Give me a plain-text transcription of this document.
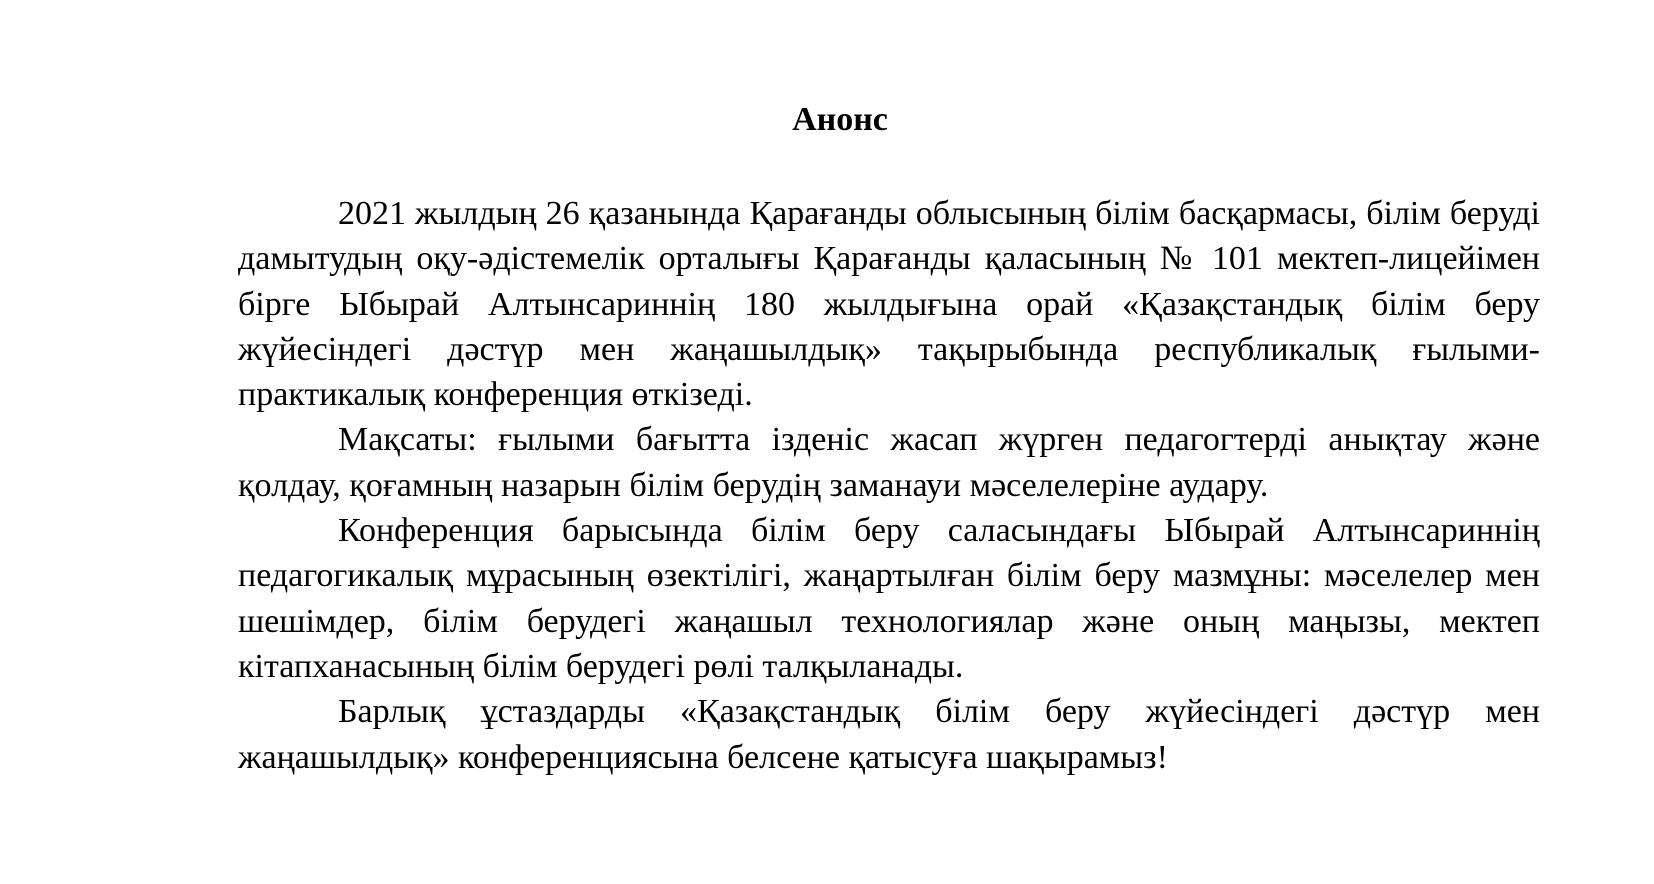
Анонс

2021 жылдың 26 қазанында Қарағанды облысының білім басқармасы, білім беруді дамытудың оқу-әдістемелік орталығы Қарағанды қаласының № 101 мектеп-лицейімен бірге Ыбырай Алтынсариннің 180 жылдығына орай «Қазақстандық білім беру жүйесіндегі дәстүр мен жаңашылдық» тақырыбында республикалық ғылыми-практикалық конференция өткізеді.

Мақсаты: ғылыми бағытта ізденіс жасап жүрген педагогтерді анықтау және қолдау, қоғамның назарын білім берудің заманауи мәселелеріне аудару.

Конференция барысында білім беру саласындағы Ыбырай Алтынсариннің педагогикалық мұрасының өзектілігі, жаңартылған білім беру мазмұны: мәселелер мен шешімдер, білім берудегі жаңашыл технологиялар және оның маңызы, мектеп кітапханасының білім берудегі рөлі талқыланады.

Барлық ұстаздарды «Қазақстандық білім беру жүйесіндегі дәстүр мен жаңашылдық» конференциясына белсене қатысуға шақырамыз!
